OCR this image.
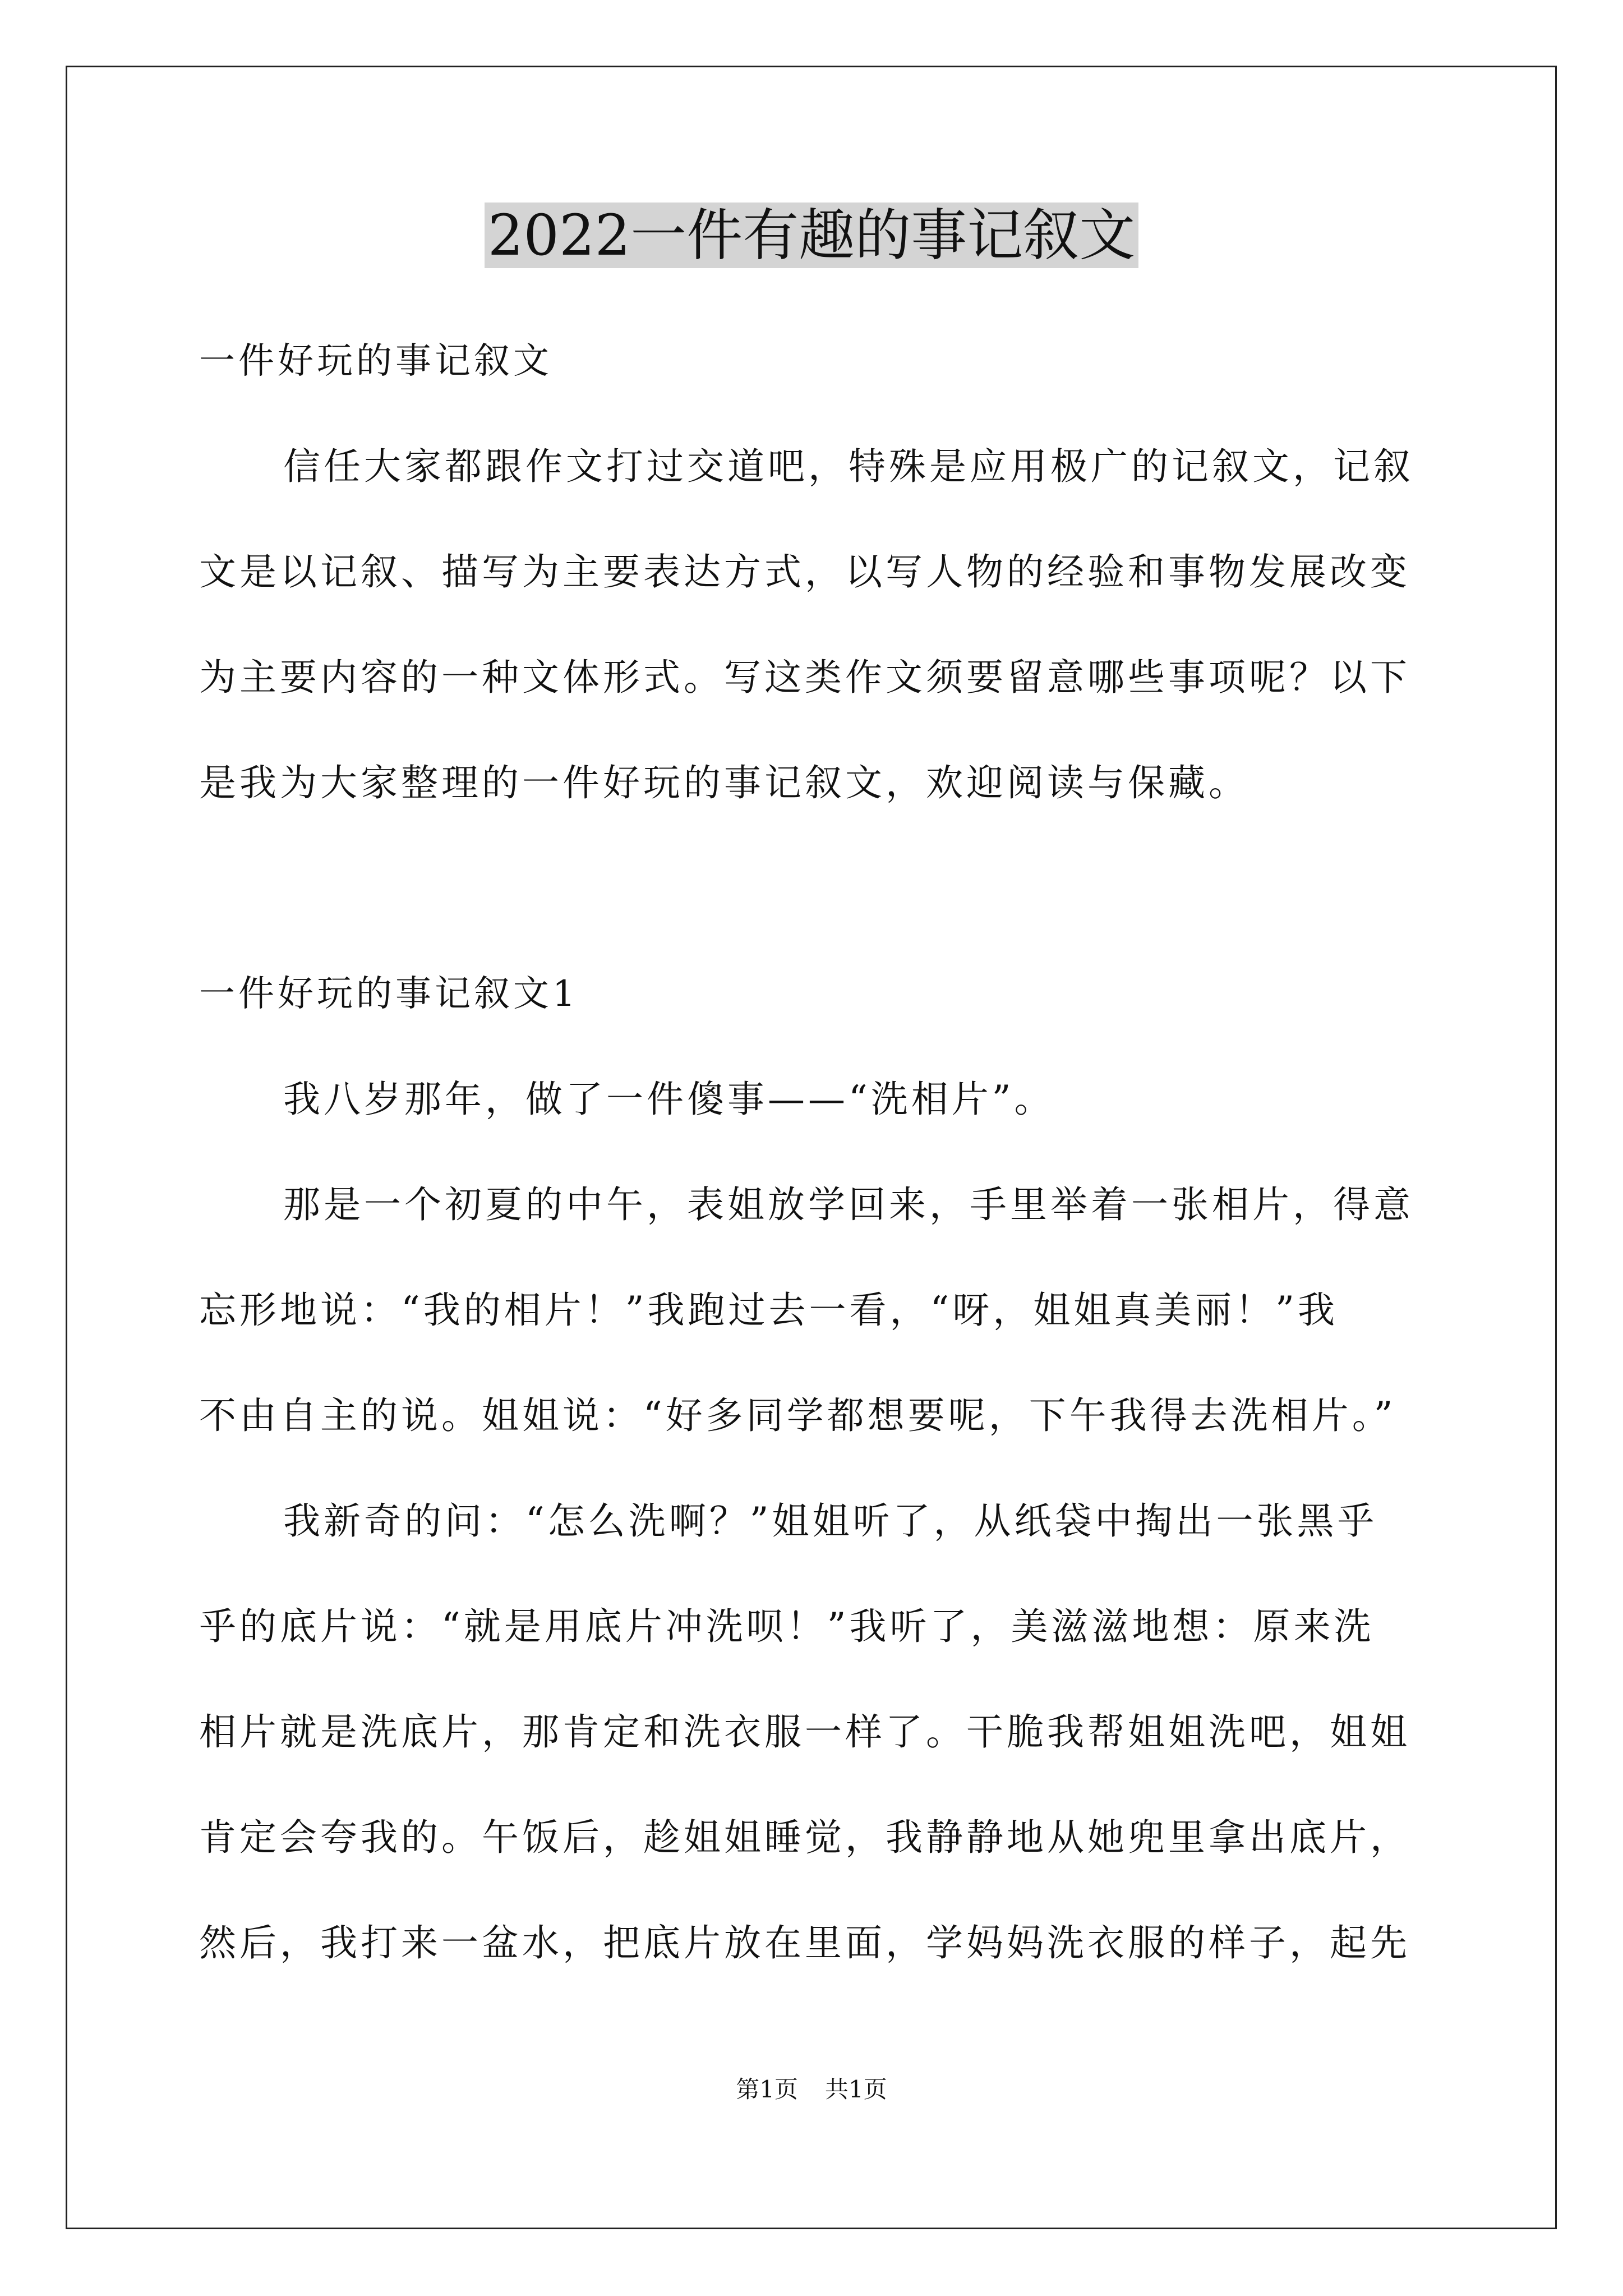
2022一件有趣的事记叙文

一件好玩的事记叙文

信任大家都跟作文打过交道吧，特殊是应用极广的记叙文，记叙

文是以记叙、描写为主要表达方式，以写人物的经验和事物发展改变

为主要内容的一种文体形式。写这类作文须要留意哪些事项呢？以下

是我为大家整理的一件好玩的事记叙文，欢迎阅读与保藏。

一件好玩的事记叙文1

我八岁那年，做了一件傻事——“洗相片”。

那是一个初夏的中午，表姐放学回来，手里举着一张相片，得意

忘形地说：“我的相片！”我跑过去一看，“呀，姐姐真美丽！”我

不由自主的说。姐姐说：“好多同学都想要呢，下午我得去洗相片。”

我新奇的问：“怎么洗啊？”姐姐听了，从纸袋中掏出一张黑乎

乎的底片说：“就是用底片冲洗呗！”我听了，美滋滋地想：原来洗

相片就是洗底片，那肯定和洗衣服一样了。干脆我帮姐姐洗吧，姐姐

肯定会夸我的。午饭后，趁姐姐睡觉，我静静地从她兜里拿出底片，

然后，我打来一盆水，把底片放在里面，学妈妈洗衣服的样子，起先

第1页 共1页
